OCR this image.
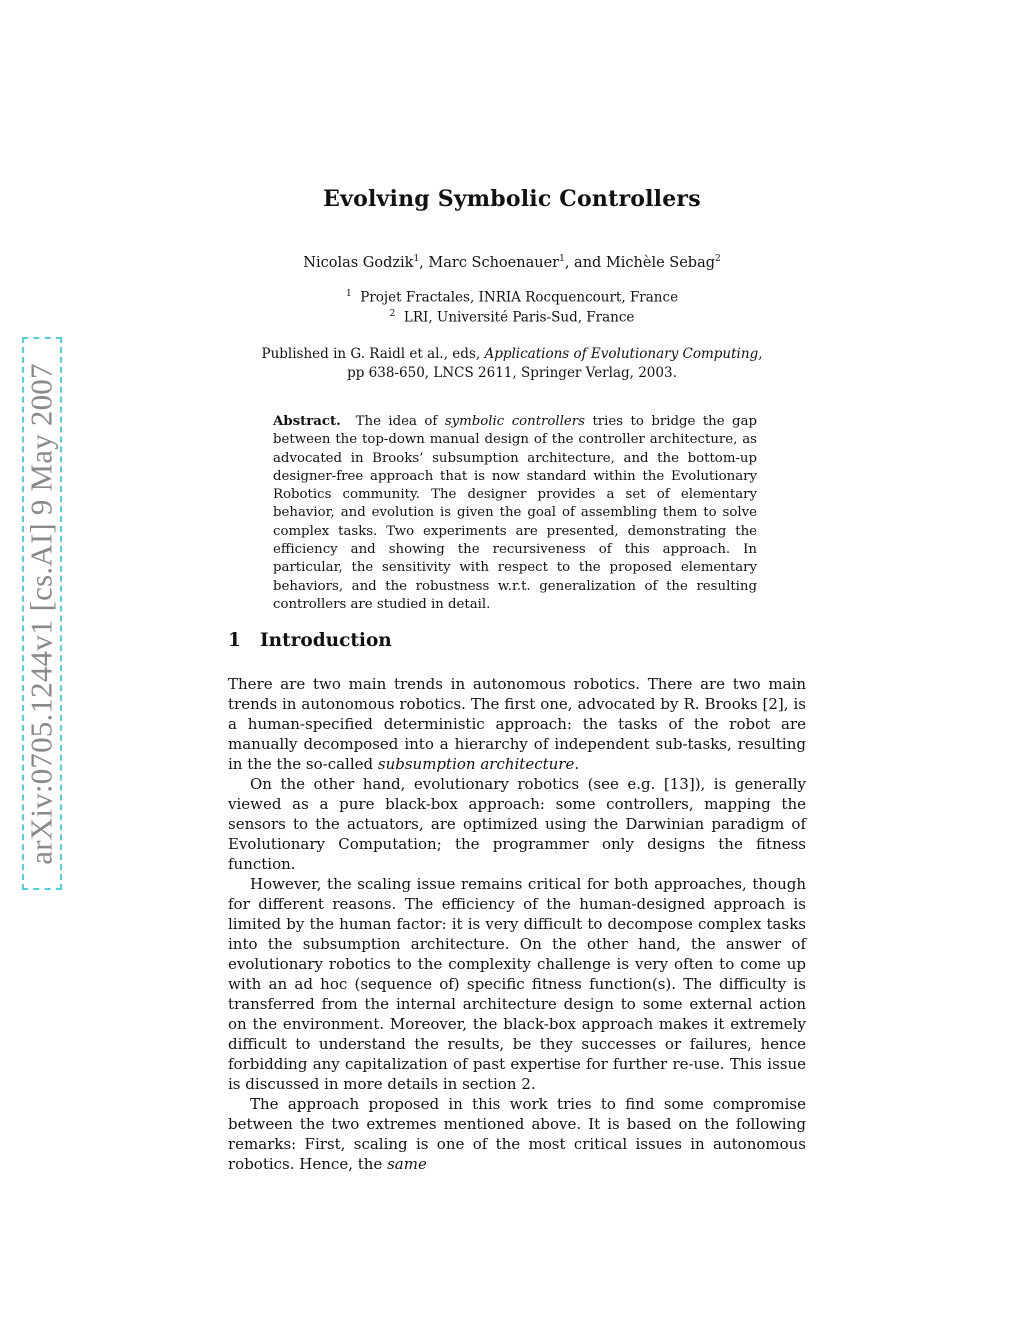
arXiv:0705.1244v1 [cs.AI] 9 May 2007
Evolving Symbolic Controllers
Nicolas Godzik$^1$, Marc Schoenauer$^1$, and Michèle Sebag$^2$
$^1$ Projet Fractales, INRIA Rocquencourt, France
$^2$ LRI, Université Paris-Sud, France
Published in G. Raidl et al., eds, Applications of Evolutionary Computing,
pp 638-650, LNCS 2611, Springer Verlag, 2003.
Abstract. The idea of symbolic controllers tries to bridge the gap between the top-down manual design of the controller architecture, as advocated in Brooks’ subsumption architecture, and the bottom-up designer-free approach that is now standard within the Evolutionary Robotics community. The designer provides a set of elementary behavior, and evolution is given the goal of assembling them to solve complex tasks. Two experiments are presented, demonstrating the efficiency and showing the recursiveness of this approach. In particular, the sensitivity with respect to the proposed elementary behaviors, and the robustness w.r.t. generalization of the resulting controllers are studied in detail.
1 Introduction

There are two main trends in autonomous robotics. There are two main trends in autonomous robotics. The first one, advocated by R. Brooks [2], is a human-specified deterministic approach: the tasks of the robot are manually decomposed into a hierarchy of independent sub-tasks, resulting in the the so-called subsumption architecture.

On the other hand, evolutionary robotics (see e.g. [13]), is generally viewed as a pure black-box approach: some controllers, mapping the sensors to the actuators, are optimized using the Darwinian paradigm of Evolutionary Computation; the programmer only designs the fitness function.

However, the scaling issue remains critical for both approaches, though for different reasons. The efficiency of the human-designed approach is limited by the human factor: it is very difficult to decompose complex tasks into the subsumption architecture. On the other hand, the answer of evolutionary robotics to the complexity challenge is very often to come up with an ad hoc (sequence of) specific fitness function(s). The difficulty is transferred from the internal architecture design to some external action on the environment. Moreover, the black-box approach makes it extremely difficult to understand the results, be they successes or failures, hence forbidding any capitalization of past expertise for further re-use. This issue is discussed in more details in section 2.

The approach proposed in this work tries to find some compromise between the two extremes mentioned above. It is based on the following remarks: First, scaling is one of the most critical issues in autonomous robotics. Hence, the same
